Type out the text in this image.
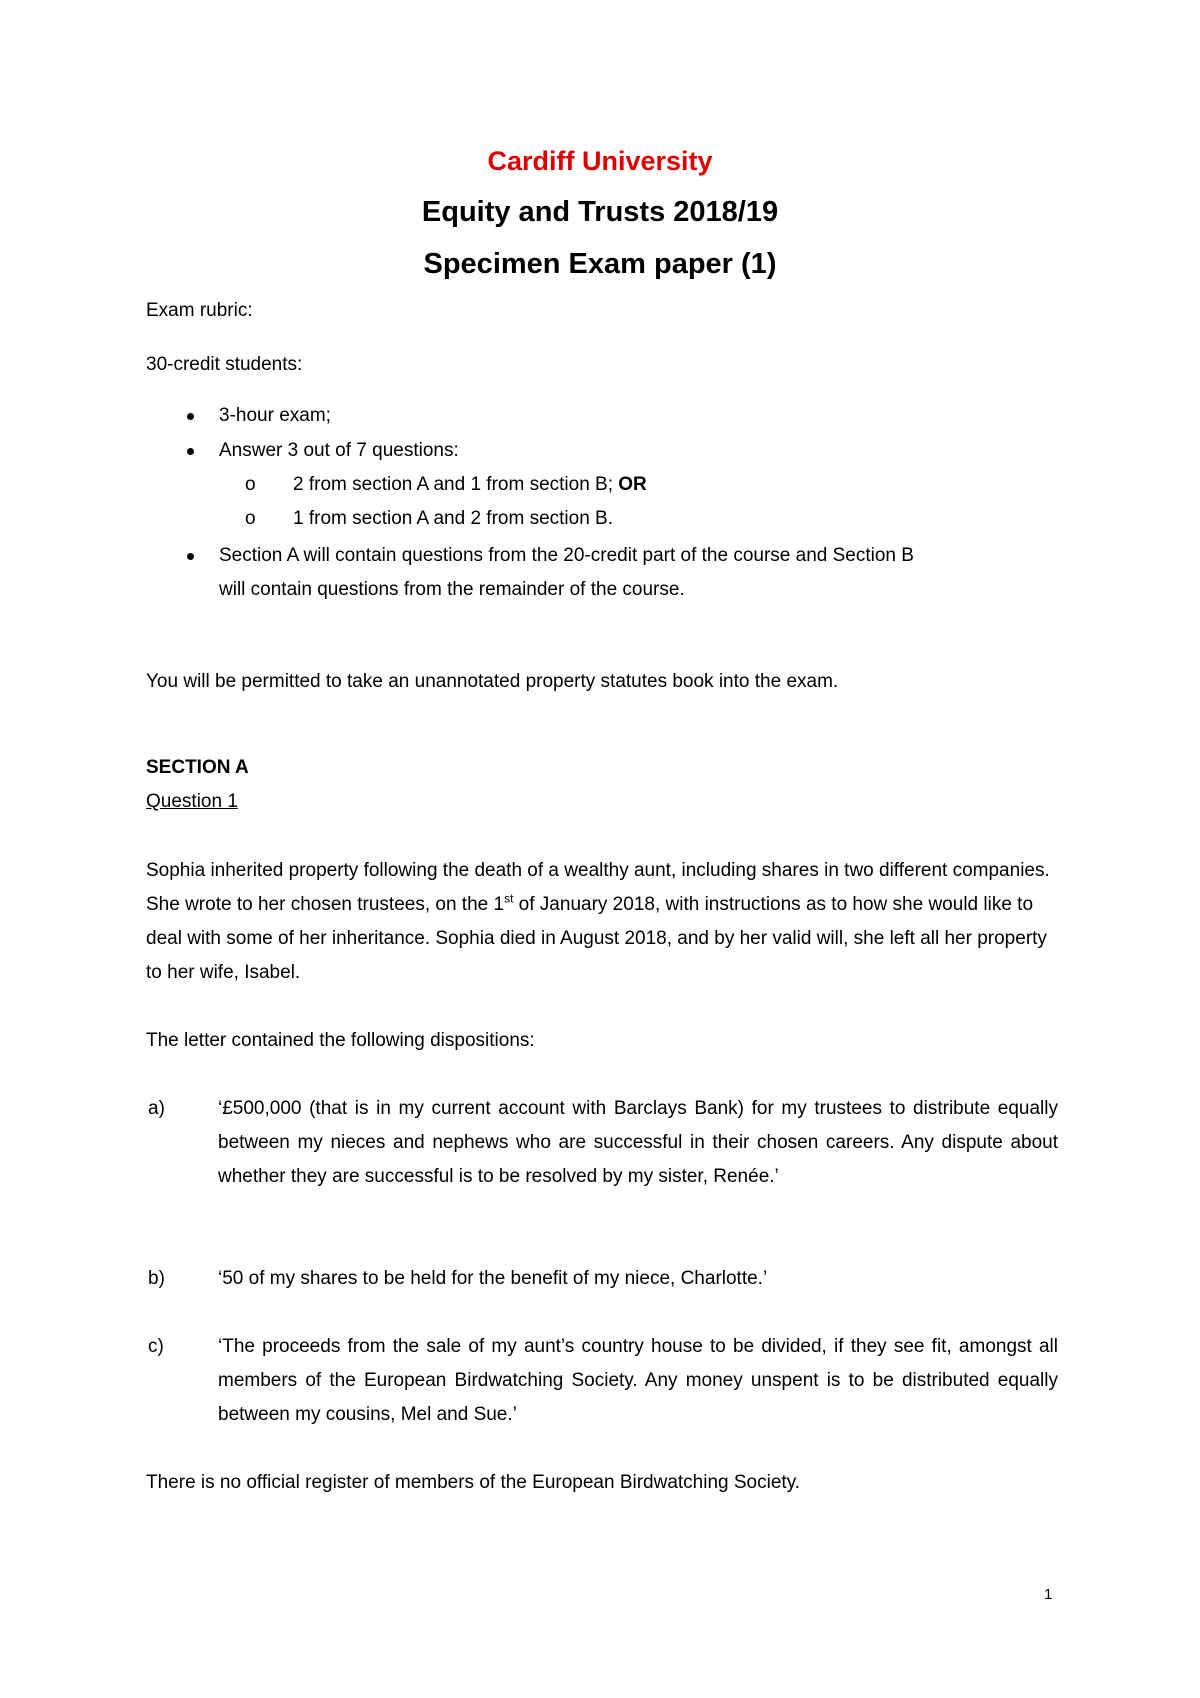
Cardiff University
Equity and Trusts 2018/19
Specimen Exam paper (1)
Exam rubric:
30-credit students:
3-hour exam;
Answer 3 out of 7 questions:
o 2 from section A and 1 from section B; OR
o 1 from section A and 2 from section B.
Section A will contain questions from the 20-credit part of the course and Section B
will contain questions from the remainder of the course.
You will be permitted to take an unannotated property statutes book into the exam.
SECTION A
Question 1
Sophia inherited property following the death of a wealthy aunt, including shares in two different companies. She wrote to her chosen trustees, on the 1st of January 2018, with instructions as to how she would like to deal with some of her inheritance. Sophia died in August 2018, and by her valid will, she left all her property to her wife, Isabel.
The letter contained the following dispositions:
a)	‘£500,000 (that is in my current account with Barclays Bank) for my trustees to distribute equally between my nieces and nephews who are successful in their chosen careers. Any dispute about whether they are successful is to be resolved by my sister, Renée.’
b)	‘50 of my shares to be held for the benefit of my niece, Charlotte.’
c)	‘The proceeds from the sale of my aunt’s country house to be divided, if they see fit, amongst all members of the European Birdwatching Society. Any money unspent is to be distributed equally between my cousins, Mel and Sue.’
There is no official register of members of the European Birdwatching Society.
1
